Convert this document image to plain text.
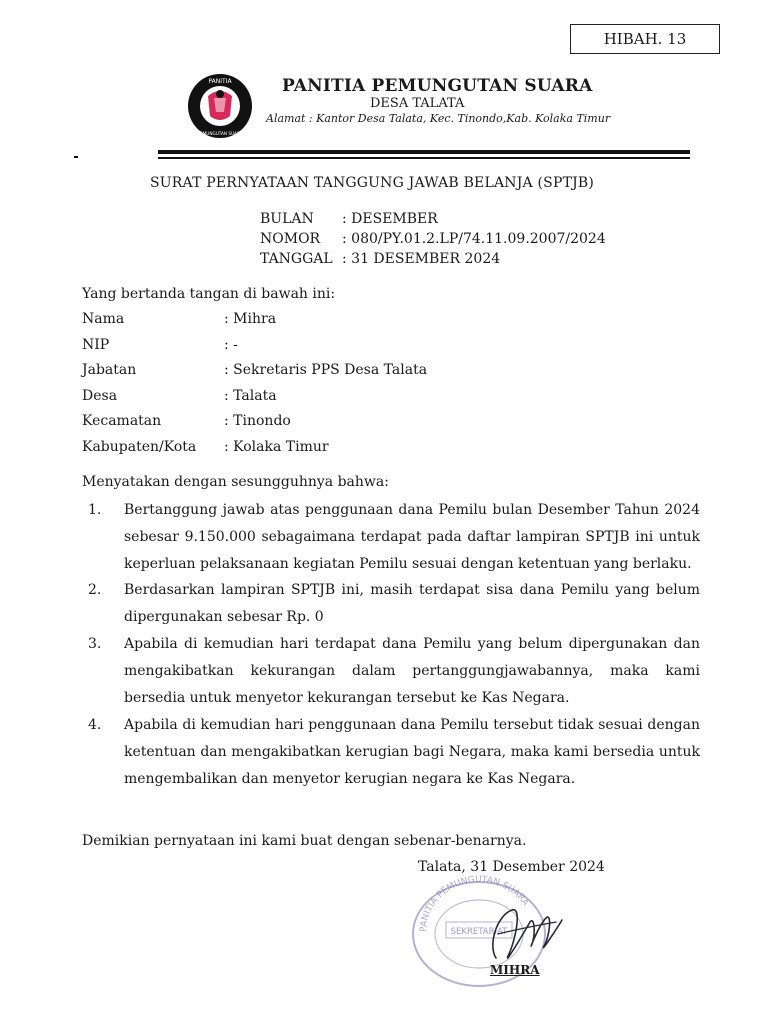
HIBAH. 13
PANITIA
PEMUNGUTAN SUARA
PANITIA PEMUNGUTAN SUARA
DESA TALATA
Alamat : Kantor Desa Talata, Kec. Tinondo,Kab. Kolaka Timur
SURAT PERNYATAAN TANGGUNG JAWAB BELANJA (SPTJB)
BULAN	: DESEMBER
NOMOR	: 080/PY.01.2.LP/74.11.09.2007/2024
TANGGAL : 31 DESEMBER 2024
Yang bertanda tangan di bawah ini:
Nama	: Mihra
NIP	: -
Jabatan	: Sekretaris PPS Desa Talata
Desa	: Talata
Kecamatan	: Tinondo
Kabupaten/Kota	: Kolaka Timur
Menyatakan dengan sesungguhnya bahwa:
1.	Bertanggung jawab atas penggunaan dana Pemilu bulan Desember Tahun 2024 sebesar 9.150.000 sebagaimana terdapat pada daftar lampiran SPTJB ini untuk keperluan pelaksanaan kegiatan Pemilu sesuai dengan ketentuan yang berlaku.
2.	Berdasarkan lampiran SPTJB ini, masih terdapat sisa dana Pemilu yang belum dipergunakan sebesar Rp. 0
3.	Apabila di kemudian hari terdapat dana Pemilu yang belum dipergunakan dan mengakibatkan kekurangan dalam pertanggungjawabannya, maka kami bersedia untuk menyetor kekurangan tersebut ke Kas Negara.
4.	Apabila di kemudian hari penggunaan dana Pemilu tersebut tidak sesuai dengan ketentuan dan mengakibatkan kerugian bagi Negara, maka kami bersedia untuk mengembalikan dan menyetor kerugian negara ke Kas Negara.
Demikian pernyataan ini kami buat dengan sebenar-benarnya.
Talata, 31 Desember 2024
PANITIA PEMUNGUTAN SUARA
SEKRETARIAT
MIHRA
